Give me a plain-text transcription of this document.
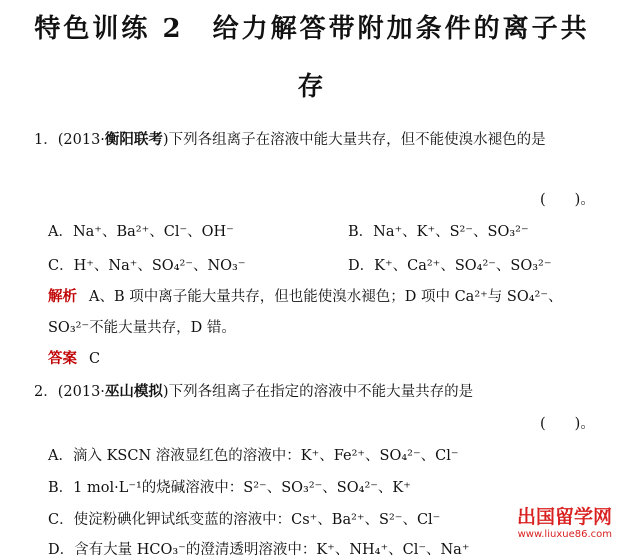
特色训练 2　给力解答带附加条件的离子共
存
1．(2013·衡阳联考)下列各组离子在溶液中能大量共存，但不能使溴水褪色的是
(　　)。
A．Na⁺、Ba²⁺、Cl⁻、OH⁻	B．Na⁺、K⁺、S²⁻、SO₃²⁻
C．H⁺、Na⁺、SO₄²⁻、NO₃⁻	D．K⁺、Ca²⁺、SO₄²⁻、SO₃²⁻
解析 A、B 项中离子能大量共存，但也能使溴水褪色；D 项中 Ca²⁺与 SO₄²⁻、
SO₃²⁻不能大量共存，D 错。
答案 C
2．(2013·巫山模拟)下列各组离子在指定的溶液中不能大量共存的是
(　　)。
A．滴入 KSCN 溶液显红色的溶液中：K⁺、Fe²⁺、SO₄²⁻、Cl⁻
B．1 mol·L⁻¹的烧碱溶液中：S²⁻、SO₃²⁻、SO₄²⁻、K⁺
C．使淀粉碘化钾试纸变蓝的溶液中：Cs⁺、Ba²⁺、S²⁻、Cl⁻
D．含有大量 HCO₃⁻的澄清透明溶液中：K⁺、NH₄⁺、Cl⁻、Na⁺
出国留学网
www.liuxue86.com
